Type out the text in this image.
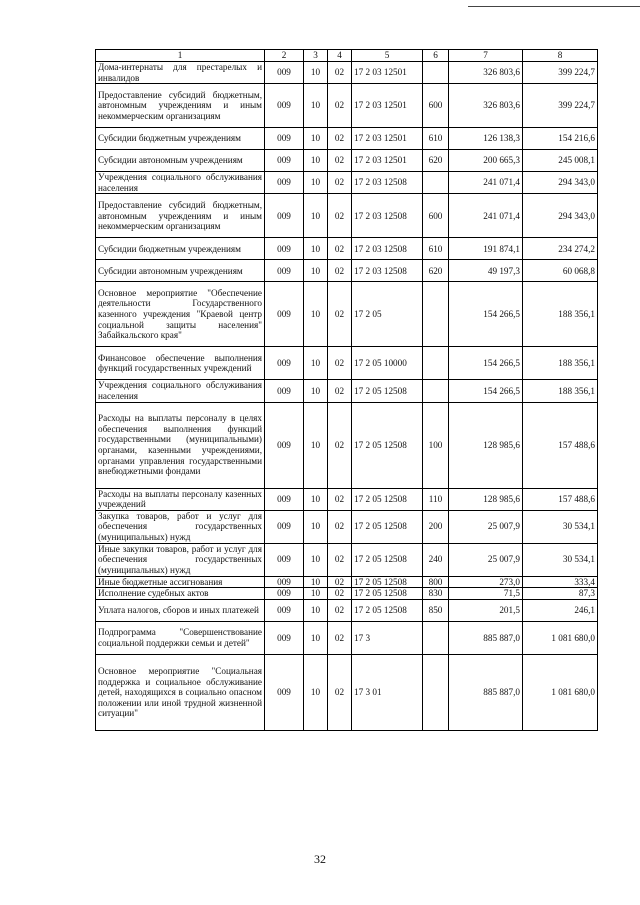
1	2	3	4	5	6	7	8
Дома-интернаты для престарелых и инвалидов	009	10	02	17 2 03 12501		326 803,6	399 224,7
Предоставление субсидий бюджетным, автономным учреждениям и иным некоммерческим организациям	009	10	02	17 2 03 12501	600	326 803,6	399 224,7
Субсидии бюджетным учреждениям	009	10	02	17 2 03 12501	610	126 138,3	154 216,6
Субсидии автономным учреждениям	009	10	02	17 2 03 12501	620	200 665,3	245 008,1
Учреждения социального обслуживания населения	009	10	02	17 2 03 12508		241 071,4	294 343,0
Предоставление субсидий бюджетным, автономным учреждениям и иным некоммерческим организациям	009	10	02	17 2 03 12508	600	241 071,4	294 343,0
Субсидии бюджетным учреждениям	009	10	02	17 2 03 12508	610	191 874,1	234 274,2
Субсидии автономным учреждениям	009	10	02	17 2 03 12508	620	49 197,3	60 068,8
Основное мероприятие "Обеспечение деятельности Государственного казенного учреждения "Краевой центр социальной защиты населения" Забайкальского края"	009	10	02	17 2 05		154 266,5	188 356,1
Финансовое обеспечение выполнения функций государственных учреждений	009	10	02	17 2 05 10000		154 266,5	188 356,1
Учреждения социального обслуживания населения	009	10	02	17 2 05 12508		154 266,5	188 356,1
Расходы на выплаты персоналу в целях обеспечения выполнения функций государственными (муниципальными) органами, казенными учреждениями, органами управления государственными внебюджетными фондами	009	10	02	17 2 05 12508	100	128 985,6	157 488,6
Расходы на выплаты персоналу казенных учреждений	009	10	02	17 2 05 12508	110	128 985,6	157 488,6
Закупка товаров, работ и услуг для обеспечения государственных (муниципальных) нужд	009	10	02	17 2 05 12508	200	25 007,9	30 534,1
Иные закупки товаров, работ и услуг для обеспечения государственных (муниципальных) нужд	009	10	02	17 2 05 12508	240	25 007,9	30 534,1
Иные бюджетные ассигнования	009	10	02	17 2 05 12508	800	273,0	333,4
Исполнение судебных актов	009	10	02	17 2 05 12508	830	71,5	87,3
Уплата налогов, сборов и иных платежей	009	10	02	17 2 05 12508	850	201,5	246,1
Подпрограмма "Совершенствование социальной поддержки семьи и детей"	009	10	02	17 3		885 887,0	1 081 680,0
Основное мероприятие "Социальная поддержка и социальное обслуживание детей, находящихся в социально опасном положении или иной трудной жизненной ситуации"	009	10	02	17 3 01		885 887,0	1 081 680,0
32
